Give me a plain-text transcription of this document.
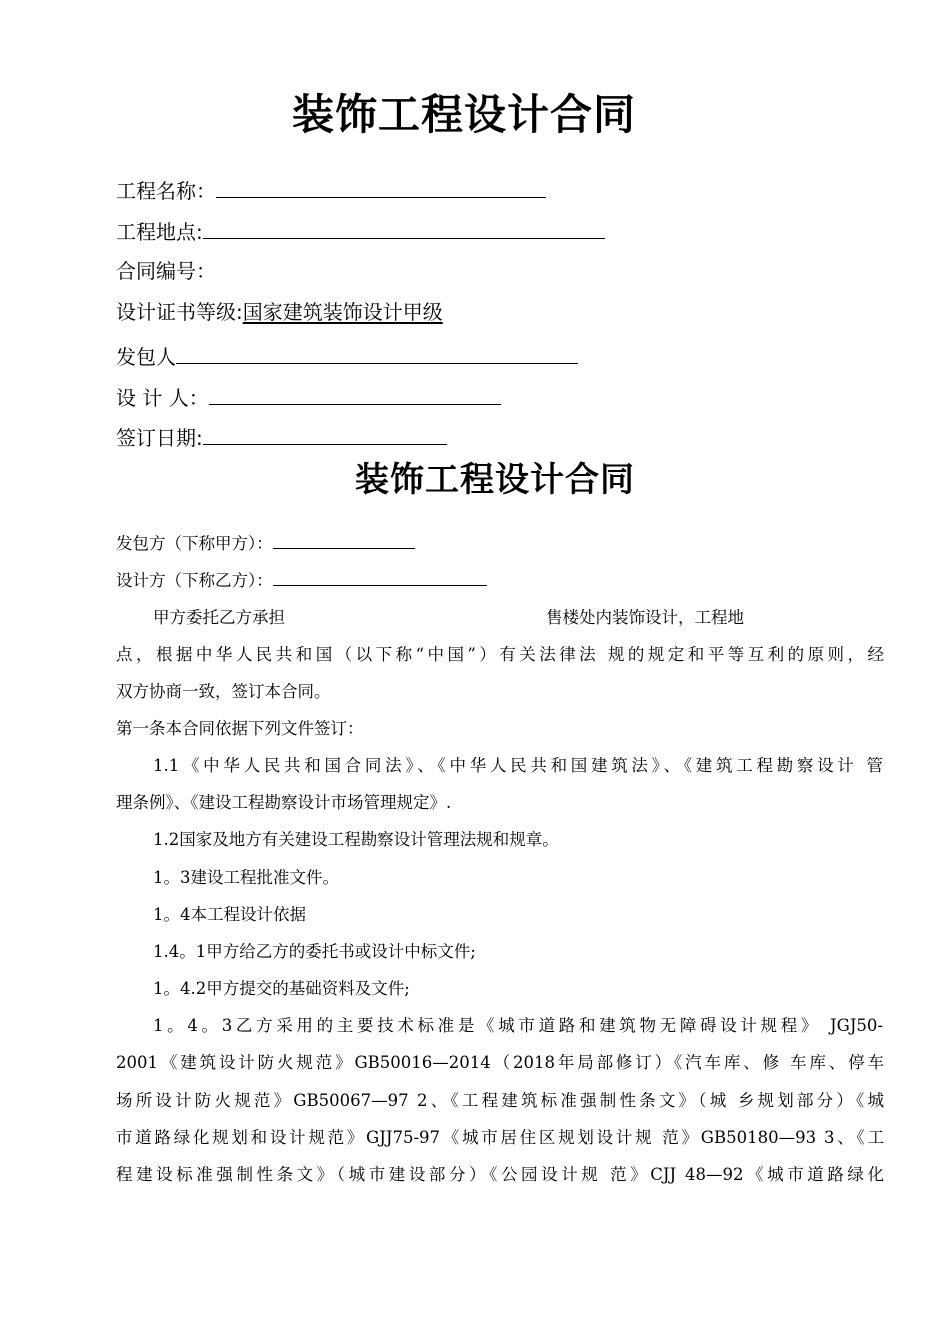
装饰工程设计合同
工程名称：
工程地点:
合同编号：
设计证书等级:国家建筑装饰设计甲级
发包人
设 计 人：
签订日期:
装饰工程设计合同
发包方（下称甲方）：
设计方（下称乙方）：
甲方委托乙方承担	售楼处内装饰设计，工程地
点，根据中华人民共和国（以下称“中国”）有关法律法 规的规定和平等互利的原则，经
双方协商一致，签订本合同。
第一条本合同依据下列文件签订：
1.1《中华人民共和国合同法》、《中华人民共和国建筑法》、《建筑工程勘察设计 管
理条例》、《建设工程勘察设计市场管理规定》.
1.2国家及地方有关建设工程勘察设计管理法规和规章。
1。3建设工程批准文件。
1。4本工程设计依据
1.4。1甲方给乙方的委托书或设计中标文件;
1。4.2甲方提交的基础资料及文件;
1。4。3乙方采用的主要技术标准是《城市道路和建筑物无障碍设计规程》 JGJ50-
2001《建筑设计防火规范》GB50016—2014（2018年局部修订）《汽车库、修 车库、停车
场所设计防火规范》GB50067—97 2、《工程建筑标准强制性条文》（城 乡规划部分）《城
市道路绿化规划和设计规范》GJJ75-97《城市居住区规划设计规 范》GB50180—93 3、《工
程建设标准强制性条文》（城市建设部分）《公园设计规 范》CJJ 48—92《城市道路绿化
